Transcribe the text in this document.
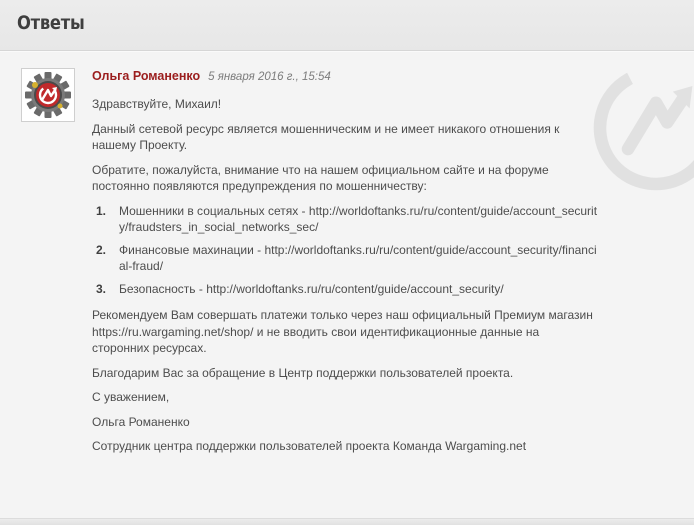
Ответы
Ольга Романенко 5 января 2016 г., 15:54

Здравствуйте, Михаил!

Данный сетевой ресурс является мошенническим и не имеет никакого отношения к нашему Проекту.

Обратите, пожалуйста, внимание что на нашем официальном сайте и на форуме постоянно появляются предупреждения по мошенничеству:

1. Мошенники в социальных сетях - http://worldoftanks.ru/ru/content/guide/account_security/fraudsters_in_social_networks_sec/
2. Финансовые махинации - http://worldoftanks.ru/ru/content/guide/account_security/financial-fraud/
3. Безопасность - http://worldoftanks.ru/ru/content/guide/account_security/

Рекомендуем Вам совершать платежи только через наш официальный Премиум магазин https://ru.wargaming.net/shop/ и не вводить свои идентификационные данные на сторонних ресурсах.

Благодарим Вас за обращение в Центр поддержки пользователей проекта.

С уважением,

Ольга Романенко

Сотрудник центра поддержки пользователей проекта Команда Wargaming.net
